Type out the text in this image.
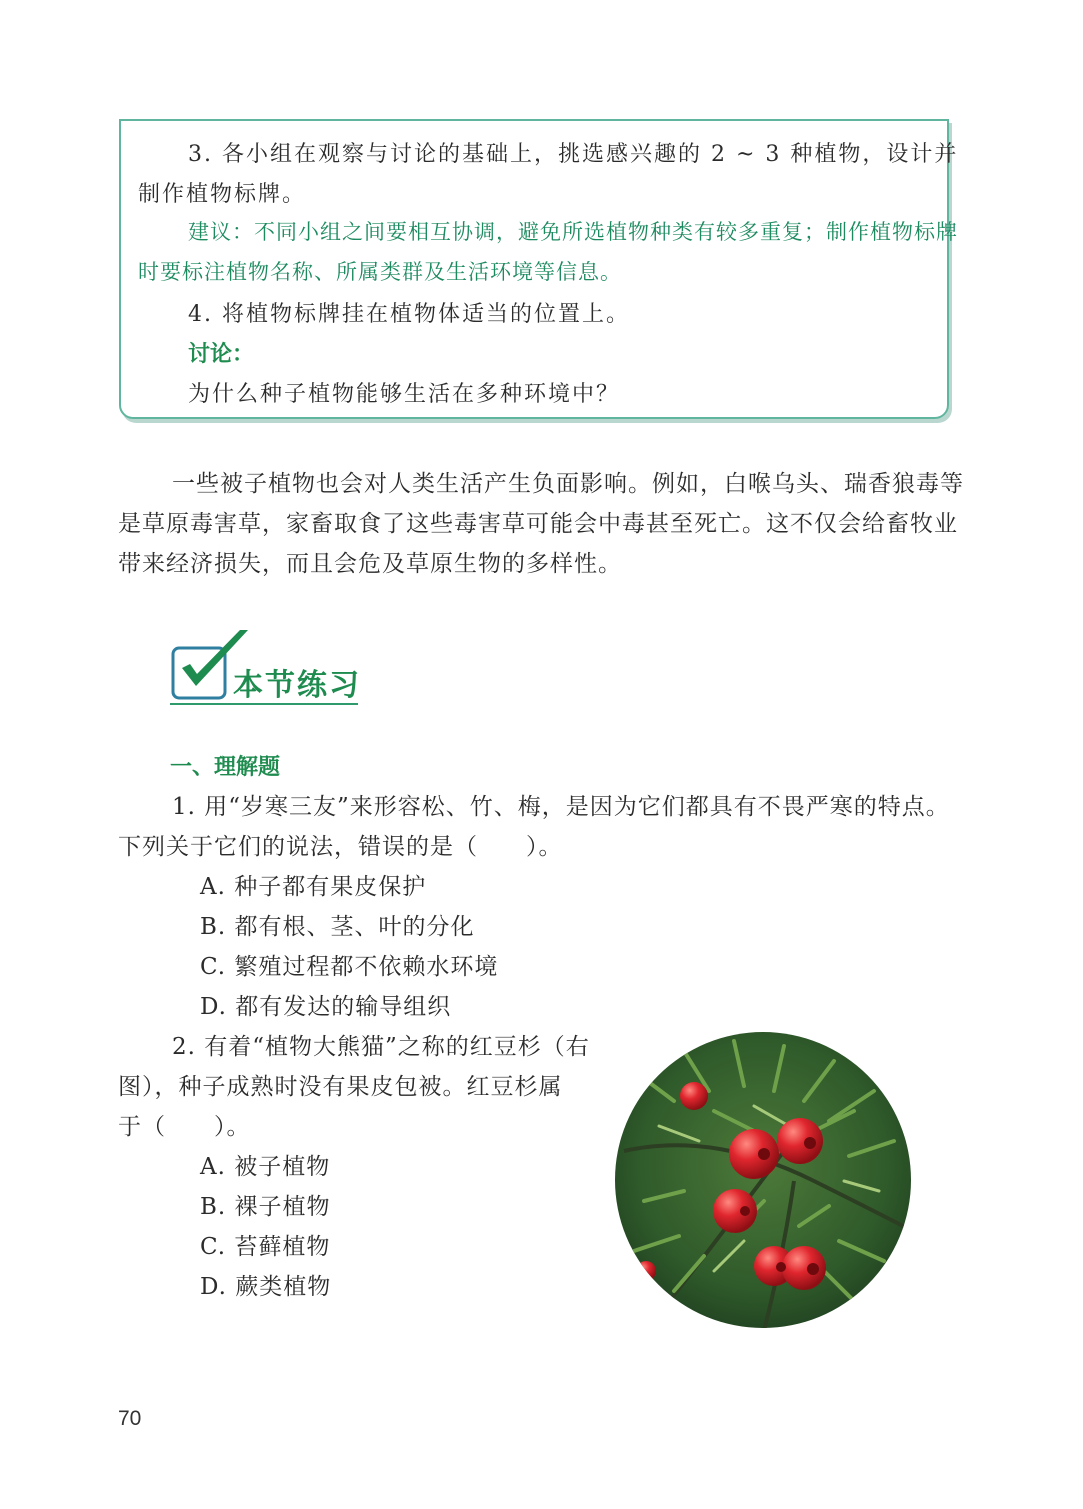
3. 各小组在观察与讨论的基础上，挑选感兴趣的 2 ~ 3 种植物，设计并
制作植物标牌。
建议：不同小组之间要相互协调，避免所选植物种类有较多重复；制作植物标牌
时要标注植物名称、所属类群及生活环境等信息。
4. 将植物标牌挂在植物体适当的位置上。
讨论：
为什么种子植物能够生活在多种环境中？
一些被子植物也会对人类生活产生负面影响。例如，白喉乌头、瑞香狼毒等
是草原毒害草，家畜取食了这些毒害草可能会中毒甚至死亡。这不仅会给畜牧业
带来经济损失，而且会危及草原生物的多样性。
本节练习
一、理解题
1. 用“岁寒三友”来形容松、竹、梅，是因为它们都具有不畏严寒的特点。
下列关于它们的说法，错误的是（　　）。
A. 种子都有果皮保护
B. 都有根、茎、叶的分化
C. 繁殖过程都不依赖水环境
D. 都有发达的输导组织
2. 有着“植物大熊猫”之称的红豆杉（右
图），种子成熟时没有果皮包被。红豆杉属
于（　　）。
A. 被子植物
B. 裸子植物
C. 苔藓植物
D. 蕨类植物
70
